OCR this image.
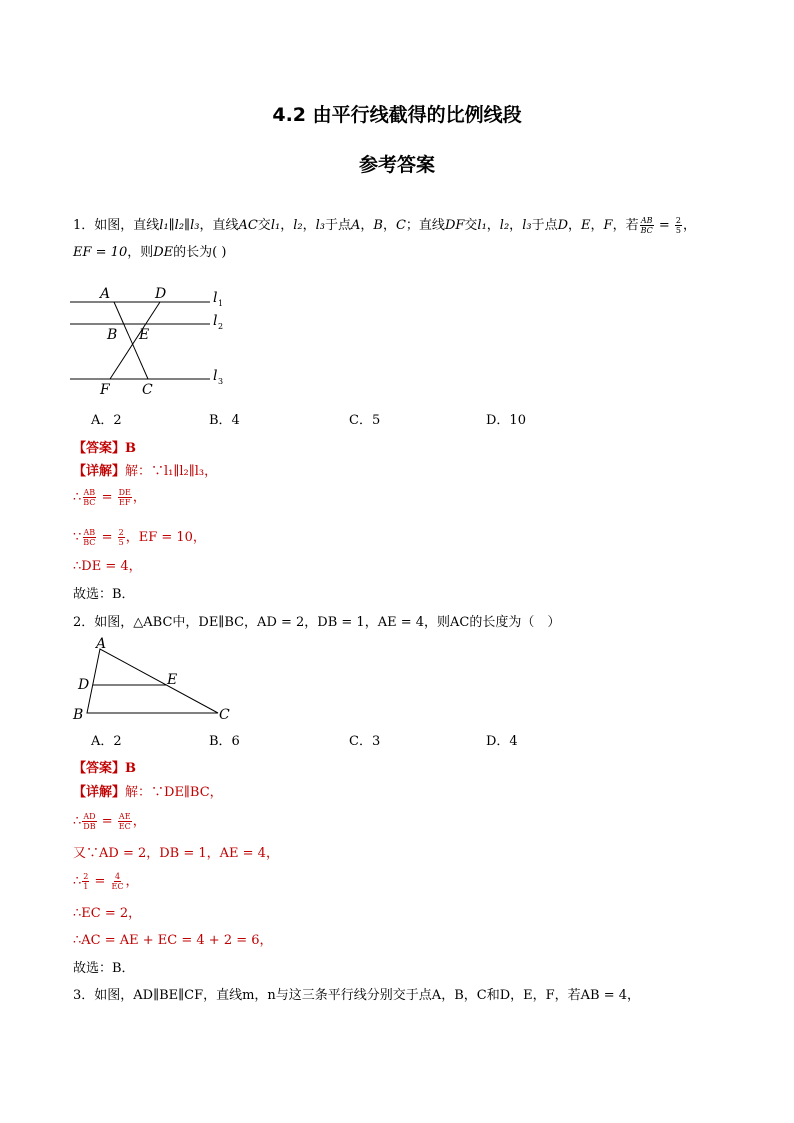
4.2 由平行线截得的比例线段
参考答案
1．如图，直线l₁∥l₂∥l₃，直线AC交l₁，l₂，l₃于点A，B，C；直线DF交l₁，l₂，l₃于点D，E，F，若 $\frac{AB}{BC} = \frac{2}{5}$ ，
EF = 10，则DE的长为( )
A	D
B E
F C
l 1
l 2
l 3
A．2	B．4	C．5	D．10
【答案】B
【详解】解：∵l₁∥l₂∥l₃，
∴ $\frac{AB}{BC} = \frac{DE}{EF}$ ，
∵ $\frac{AB}{BC} = \frac{2}{5}$ ，EF = 10，
∴DE = 4，
故选：B．
2．如图，△ABC中，DE∥BC，AD = 2，DB = 1，AE = 4，则AC的长度为（　）
A
D	E
B	C
A．2	B．6	C．3	D．4
【答案】B
【详解】解：∵DE∥BC，
∴ $\frac{AD}{DB} = \frac{AE}{EC}$ ，
又∵AD = 2，DB = 1，AE = 4，
∴ $\frac{2}{1} = \frac{4}{EC}$ ，
∴EC = 2，
∴AC = AE + EC = 4 + 2 = 6，
故选：B．
3．如图，AD∥BE∥CF，直线m，n与这三条平行线分别交于点A，B，C和D，E，F，若AB = 4，
